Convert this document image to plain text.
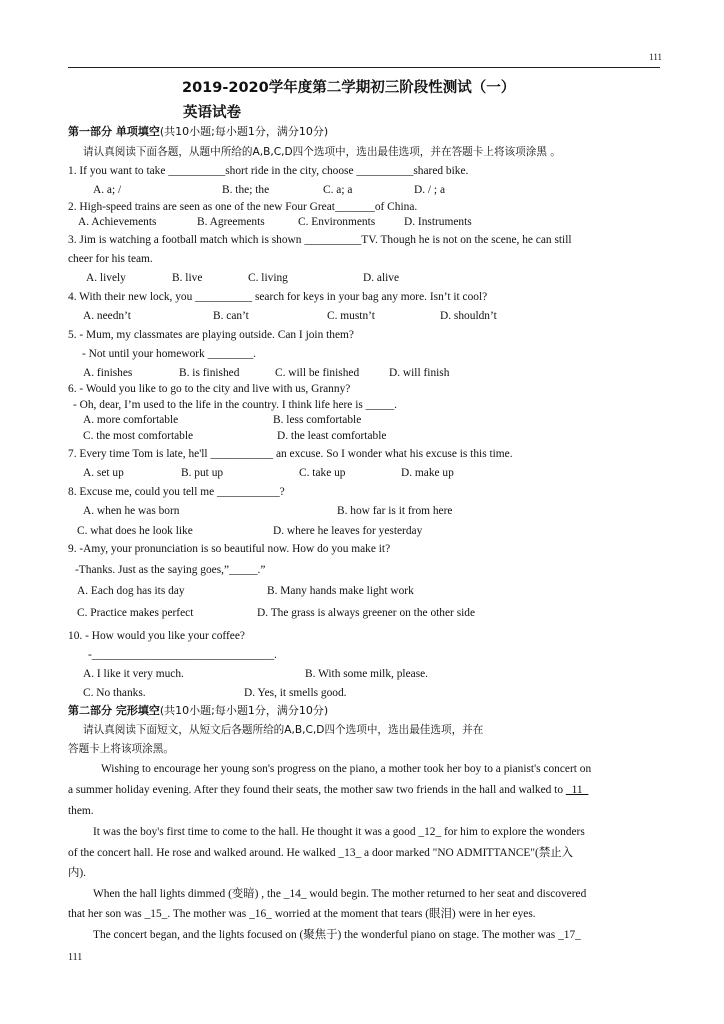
111
2019-2020学年度第二学期初三阶段性测试（一）
英语试卷
第一部分 单项填空(共10小题;每小题1分，满分10分)
请认真阅读下面各题，从题中所给的A,B,C,D四个选项中，选出最佳选项，并在答题卡上将该项涂黑 。
1. If you want to take __________short ride in the city, choose __________shared bike.
A. a; /	B. the; the	C. a; a	D. / ; a
2. High-speed trains are seen as one of the new Four Great_______of China.
A. Achievements	B. Agreements	C. Environments	D. Instruments
3. Jim is watching a football match which is shown __________TV. Though he is not on the scene, he can still
cheer for his team.
A. lively	B. live	C. living	D. alive
4. With their new lock, you __________ search for keys in your bag any more. Isn’t it cool?
A. needn’t	B. can’t	C. mustn’t	D. shouldn’t
5. - Mum, my classmates are playing outside. Can I join them?
- Not until your homework ________.
A. finishes	B. is finished	C. will be finished	D. will finish
6. - Would you like to go to the city and live with us, Granny?
- Oh, dear, I’m used to the life in the country. I think life here is _____.
A. more comfortable	B. less comfortable
C. the most comfortable	D. the least comfortable
7. Every time Tom is late, he'll ___________ an excuse. So I wonder what his excuse is this time.
A. set up	B. put up	C. take up	D. make up
8. Excuse me, could you tell me ___________?
A. when he was born	B. how far is it from here
C. what does he look like	D. where he leaves for yesterday
9. -Amy, your pronunciation is so beautiful now. How do you make it?
-Thanks. Just as the saying goes,”_____.”
A. Each dog has its day	B. Many hands make light work
C. Practice makes perfect	D. The grass is always greener on the other side
10. - How would you like your coffee?
-________________________________.
A. I like it very much.	B. With some milk, please.
C. No thanks.	D. Yes, it smells good.
第二部分 完形填空(共10小题;每小题1分，满分10分)
请认真阅读下面短文，从短文后各题所给的A,B,C,D四个选项中，选出最佳选项，并在
答题卡上将该项涂黑。
Wishing to encourage her young son's progress on the piano, a mother took her boy to a pianist's concert on
a summer holiday evening. After they found their seats, the mother saw two friends in the hall and walked to _11_
them.
It was the boy's first time to come to the hall. He thought it was a good _12_ for him to explore the wonders
of the concert hall. He rose and walked around. He walked _13_ a door marked "NO ADMITTANCE"(禁止入
内).
When the hall lights dimmed (变暗) , the _14_ would begin. The mother returned to her seat and discovered
that her son was _15_. The mother was _16_ worried at the moment that tears (眼泪) were in her eyes.
The concert began, and the lights focused on (聚焦于) the wonderful piano on stage. The mother was _17_
111
